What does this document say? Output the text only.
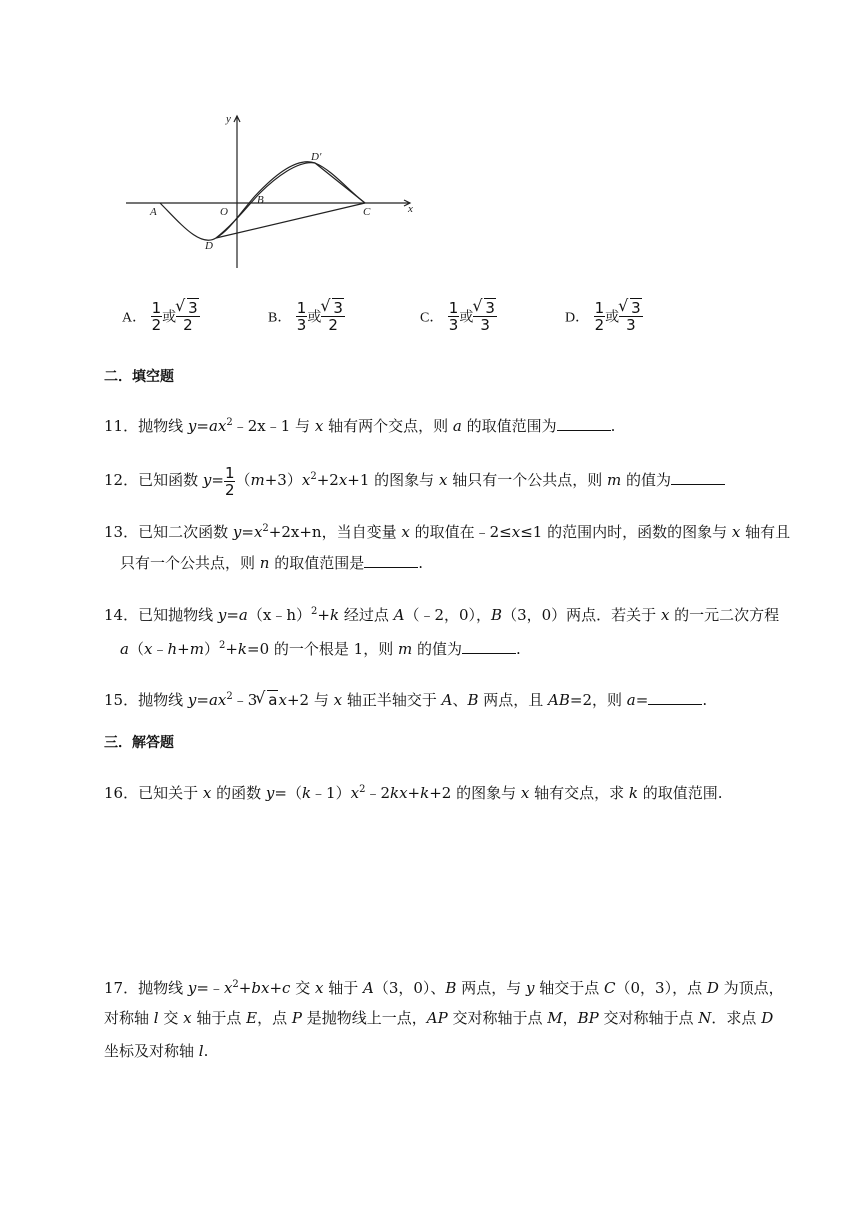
y
x
A	O
B
C
D
D′
A． $\frac{1}{2}$ 或
√ $\frac{3}{2}$	B． $\frac{1}{3}$ 或
√ $\frac{3}{2}$	C． $\frac{1}{3}$ 或
√ $\frac{3}{3}$	D． $\frac{1}{2}$ 或
√ $\frac{3}{3}$
二．填空题
11．抛物线 $y=ax^2﹣2x﹣1$ 与 x 轴有两个交点，则 a 的取值范围为	.
12．已知函数 $y= \frac{1}{2} (m+3)x^2+2x+1$ 的图象与 x 轴只有一个公共点，则 m 的值为
13．已知二次函数 $y=x^2+2x+n$，当自变量 x 的取值在﹣2≤x≤1 的范围内时，函数的图象与 x 轴有且
只有一个公共点，则 n 的取值范围是	.
14．已知抛物线 y=a（x﹣h）$^2$+k 经过点 A（﹣2，0），B（3，0）两点．若关于 x 的一元二次方程
a（x﹣h+m）$^2$+k=0 的一个根是 1，则 m 的值为	.
15．抛物线 $y=ax^2﹣3√$ ax+2 与 x 轴正半轴交于 A、B 两点，且 AB=2，则 a=	.
三．解答题
16．已知关于 x 的函数 $y=(k﹣1)x^2﹣2kx+k+2$ 的图象与 x 轴有交点，求 k 的取值范围.
17．抛物线 $y=﹣x^2+bx+c$ 交 x 轴于 A（3，0）、B 两点，与 y 轴交于点 C（0，3），点 D 为顶点，
对称轴 l 交 x 轴于点 E，点 P 是抛物线上一点，AP 交对称轴于点 M，BP 交对称轴于点 N．求点 D
坐标及对称轴 l.
